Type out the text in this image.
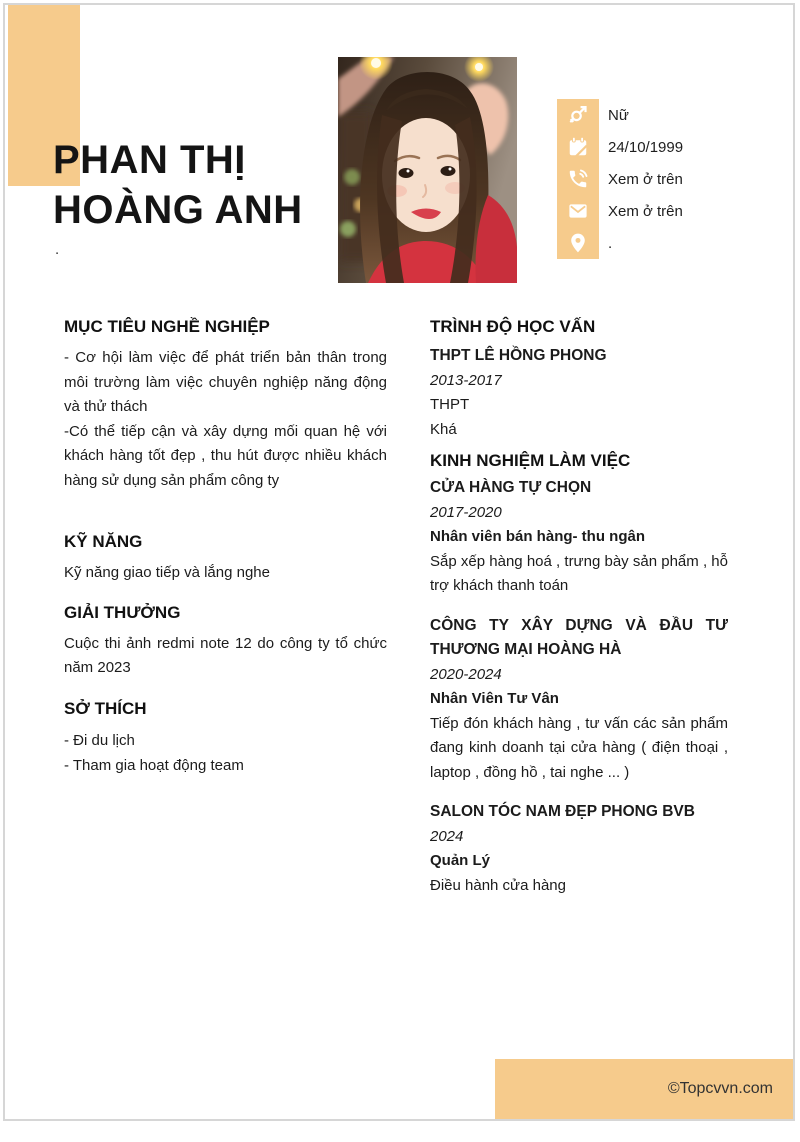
PHAN THỊ
HOÀNG ANH
.
Nữ
24/10/1999
Xem ở trên
Xem ở trên
.
MỤC TIÊU NGHỀ NGHIỆP

- Cơ hội làm việc để phát triển bản thân trong môi trường làm việc chuyên nghiệp năng động và thử thách

-Có thể tiếp cận và xây dựng mối quan hệ với khách hàng tốt đẹp , thu hút được nhiều khách hàng sử dụng sản phẩm công ty

KỸ NĂNG

Kỹ năng giao tiếp và lắng nghe

GIẢI THƯỞNG

Cuộc thi ảnh redmi note 12 do công ty tổ chức năm 2023

SỞ THÍCH

- Đi du lịch

- Tham gia hoạt động team

TRÌNH ĐỘ HỌC VẤN
THPT LÊ HỒNG PHONG
2013-2017
THPT
Khá
KINH NGHIỆM LÀM VIỆC
CỬA HÀNG TỰ CHỌN
2017-2020
Nhân viên bán hàng- thu ngân
Sắp xếp hàng hoá , trưng bày sản phẩm , hỗ trợ khách thanh toán
CÔNG TY XÂY DỰNG VÀ ĐẦU TƯ THƯƠNG MẠI HOÀNG HÀ
2020-2024
Nhân Viên Tư Vân
Tiếp đón khách hàng , tư vấn các sản phẩm đang kinh doanh tại cửa hàng ( điện thoại , laptop , đồng hồ , tai nghe ... )
SALON TÓC NAM ĐẸP PHONG BVB
2024
Quản Lý
Điều hành cửa hàng
©Topcvvn.com
